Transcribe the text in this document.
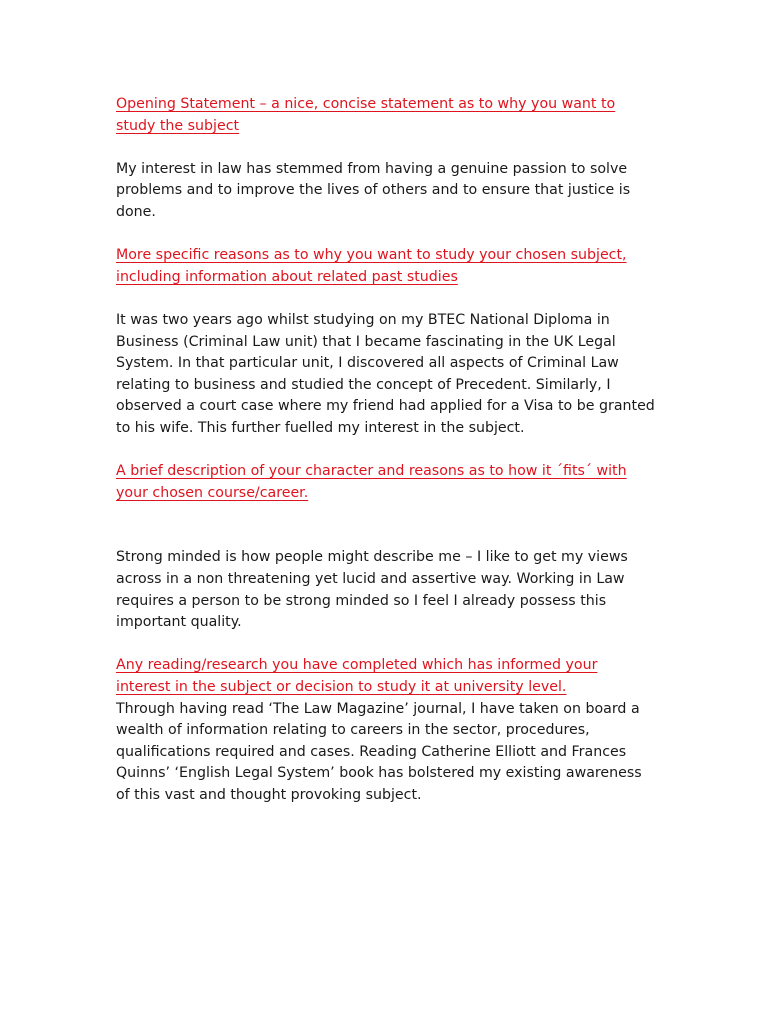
Opening Statement – a nice, concise statement as to why you want to study the subject

My interest in law has stemmed from having a genuine passion to solve problems and to improve the lives of others and to ensure that justice is done.

More specific reasons as to why you want to study your chosen subject, including information about related past studies

It was two years ago whilst studying on my BTEC National Diploma in Business (Criminal Law unit) that I became fascinating in the UK Legal System. In that particular unit, I discovered all aspects of Criminal Law relating to business and studied the concept of Precedent. Similarly, I observed a court case where my friend had applied for a Visa to be granted to his wife. This further fuelled my interest in the subject.

A brief description of your character and reasons as to how it ´fits´ with your chosen course/career.

Strong minded is how people might describe me – I like to get my views across in a non threatening yet lucid and assertive way. Working in Law requires a person to be strong minded so I feel I already possess this important quality.

Any reading/research you have completed which has informed your interest in the subject or decision to study it at university level.

Through having read ‘The Law Magazine’ journal, I have taken on board a wealth of information relating to careers in the sector, procedures, qualifications required and cases. Reading Catherine Elliott and Frances Quinns’ ‘English Legal System’ book has bolstered my existing awareness of this vast and thought provoking subject.
